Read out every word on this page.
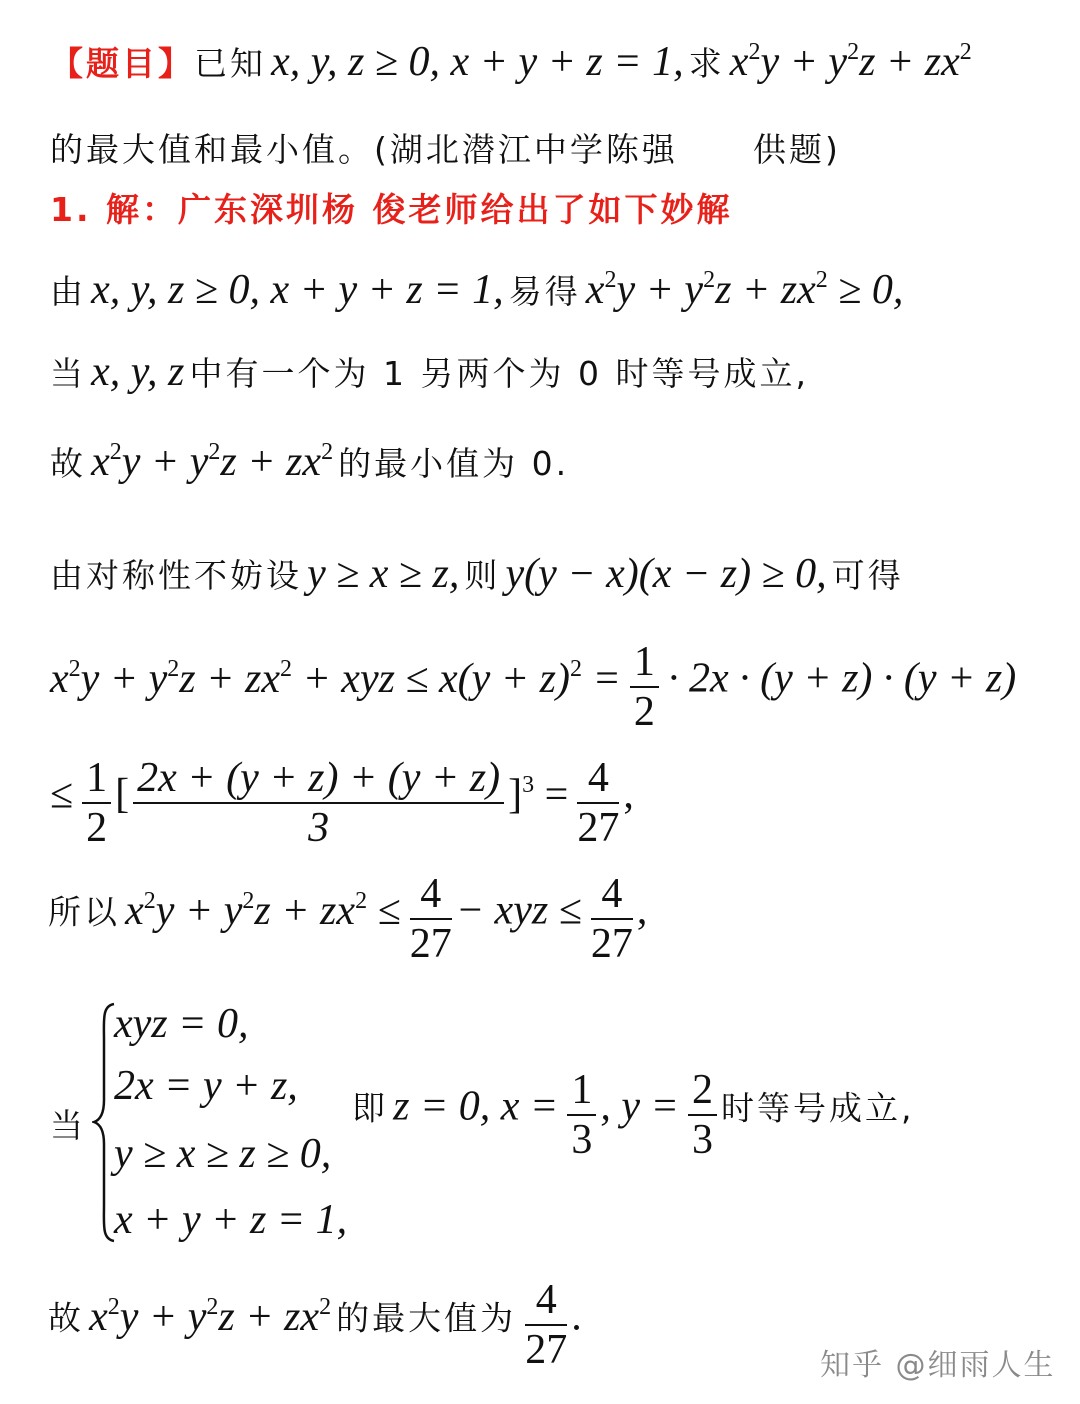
【题目】已知 x, y, z ≥ 0, x + y + z = 1, 求 $x^2y + y^2z + zx^2$
的最大值和最小值。(湖北潜江中学陈强 供题)
1. 解：广东深圳杨 俊老师给出了如下妙解
由 x, y, z ≥ 0, x + y + z = 1, 易得 $x^2y + y^2z + zx^2 \ge 0$,
当 x, y, z 中有一个为 1 另两个为 0 时等号成立,
故 $x^2y + y^2z + zx^2$ 的最小值为 0.
由对称性不妨设 y ≥ x ≥ z, 则 y(y − x)(x − z) ≥ 0, 可得
$x^2y + y^2z + zx^2$ + xyz ≤ $x(y + z)^2 = \frac{1}{2} \cdot 2x \cdot (y + z) \cdot (y + z)$
≤ $\frac{1}{2}$ [ $\frac{2x + (y + z) + (y + z)}{3} ]^3 = \frac{4}{27}$ ,
所以 $x^2y + y^2z + zx^2 \le \frac{4}{27}$ − xyz ≤ $\frac{4}{27}$ ,
当
xyz = 0,
2x = y + z,
y ≥ x ≥ z ≥ 0,
x + y + z = 1,
即 z = 0, $x = \frac{1}{3}$ , $y = \frac{2}{3}$ 时等号成立,
故 $x^2y + y^2z + zx^2$ 的最大值为 $\frac{4}{27}$ .
知乎 @细雨人生
